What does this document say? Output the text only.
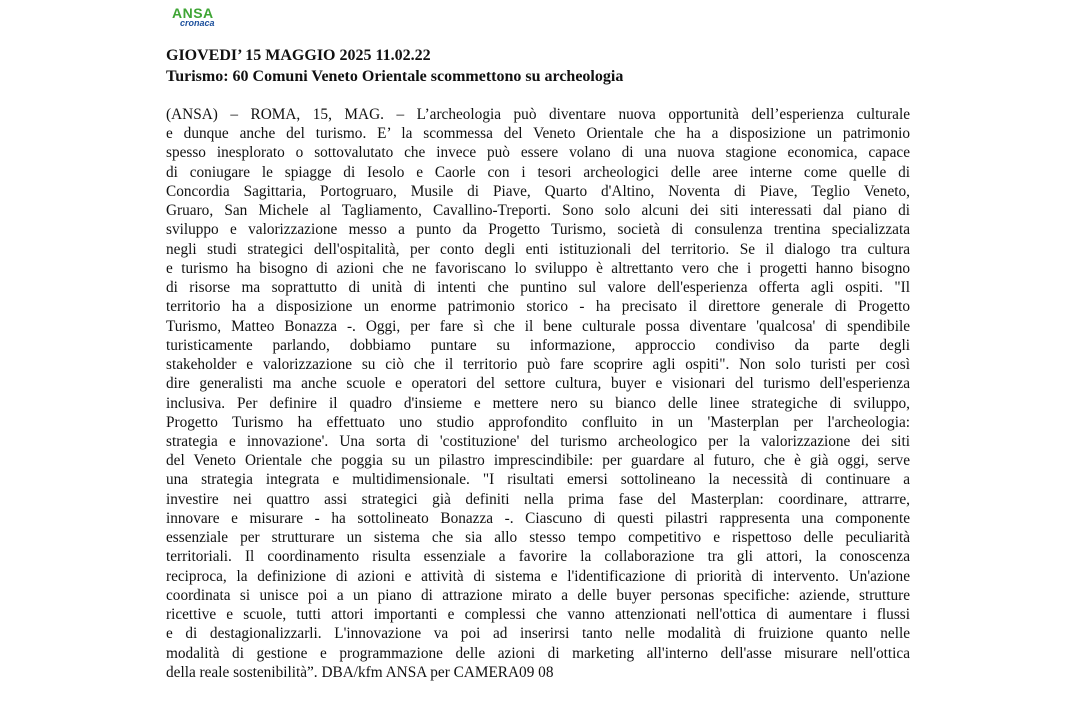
ANSA
cronaca
GIOVEDI’ 15 MAGGIO 2025 11.02.22
Turismo: 60 Comuni Veneto Orientale scommettono su archeologia
(ANSA) – ROMA, 15, MAG. – L’archeologia può diventare nuova opportunità dell’esperienza culturale
e dunque anche del turismo. E’ la scommessa del Veneto Orientale che ha a disposizione un patrimonio
spesso inesplorato o sottovalutato che invece può essere volano di una nuova stagione economica, capace
di coniugare le spiagge di Iesolo e Caorle con i tesori archeologici delle aree interne come quelle di
Concordia Sagittaria, Portogruaro, Musile di Piave, Quarto d'Altino, Noventa di Piave, Teglio Veneto,
Gruaro, San Michele al Tagliamento, Cavallino-Treporti. Sono solo alcuni dei siti interessati dal piano di
sviluppo e valorizzazione messo a punto da Progetto Turismo, società di consulenza trentina specializzata
negli studi strategici dell'ospitalità, per conto degli enti istituzionali del territorio. Se il dialogo tra cultura
e turismo ha bisogno di azioni che ne favoriscano lo sviluppo è altrettanto vero che i progetti hanno bisogno
di risorse ma soprattutto di unità di intenti che puntino sul valore dell'esperienza offerta agli ospiti. "Il
territorio ha a disposizione un enorme patrimonio storico - ha precisato il direttore generale di Progetto
Turismo, Matteo Bonazza -. Oggi, per fare sì che il bene culturale possa diventare 'qualcosa' di spendibile
turisticamente parlando, dobbiamo puntare su informazione, approccio condiviso da parte degli
stakeholder e valorizzazione su ciò che il territorio può fare scoprire agli ospiti". Non solo turisti per così
dire generalisti ma anche scuole e operatori del settore cultura, buyer e visionari del turismo dell'esperienza
inclusiva. Per definire il quadro d'insieme e mettere nero su bianco delle linee strategiche di sviluppo,
Progetto Turismo ha effettuato uno studio approfondito confluito in un 'Masterplan per l'archeologia:
strategia e innovazione'. Una sorta di 'costituzione' del turismo archeologico per la valorizzazione dei siti
del Veneto Orientale che poggia su un pilastro imprescindibile: per guardare al futuro, che è già oggi, serve
una strategia integrata e multidimensionale. "I risultati emersi sottolineano la necessità di continuare a
investire nei quattro assi strategici già definiti nella prima fase del Masterplan: coordinare, attrarre,
innovare e misurare - ha sottolineato Bonazza -. Ciascuno di questi pilastri rappresenta una componente
essenziale per strutturare un sistema che sia allo stesso tempo competitivo e rispettoso delle peculiarità
territoriali. Il coordinamento risulta essenziale a favorire la collaborazione tra gli attori, la conoscenza
reciproca, la definizione di azioni e attività di sistema e l'identificazione di priorità di intervento. Un'azione
coordinata si unisce poi a un piano di attrazione mirato a delle buyer personas specifiche: aziende, strutture
ricettive e scuole, tutti attori importanti e complessi che vanno attenzionati nell'ottica di aumentare i flussi
e di destagionalizzarli. L'innovazione va poi ad inserirsi tanto nelle modalità di fruizione quanto nelle
modalità di gestione e programmazione delle azioni di marketing all'interno dell'asse misurare nell'ottica
della reale sostenibilità”. DBA/kfm ANSA per CAMERA09 08
